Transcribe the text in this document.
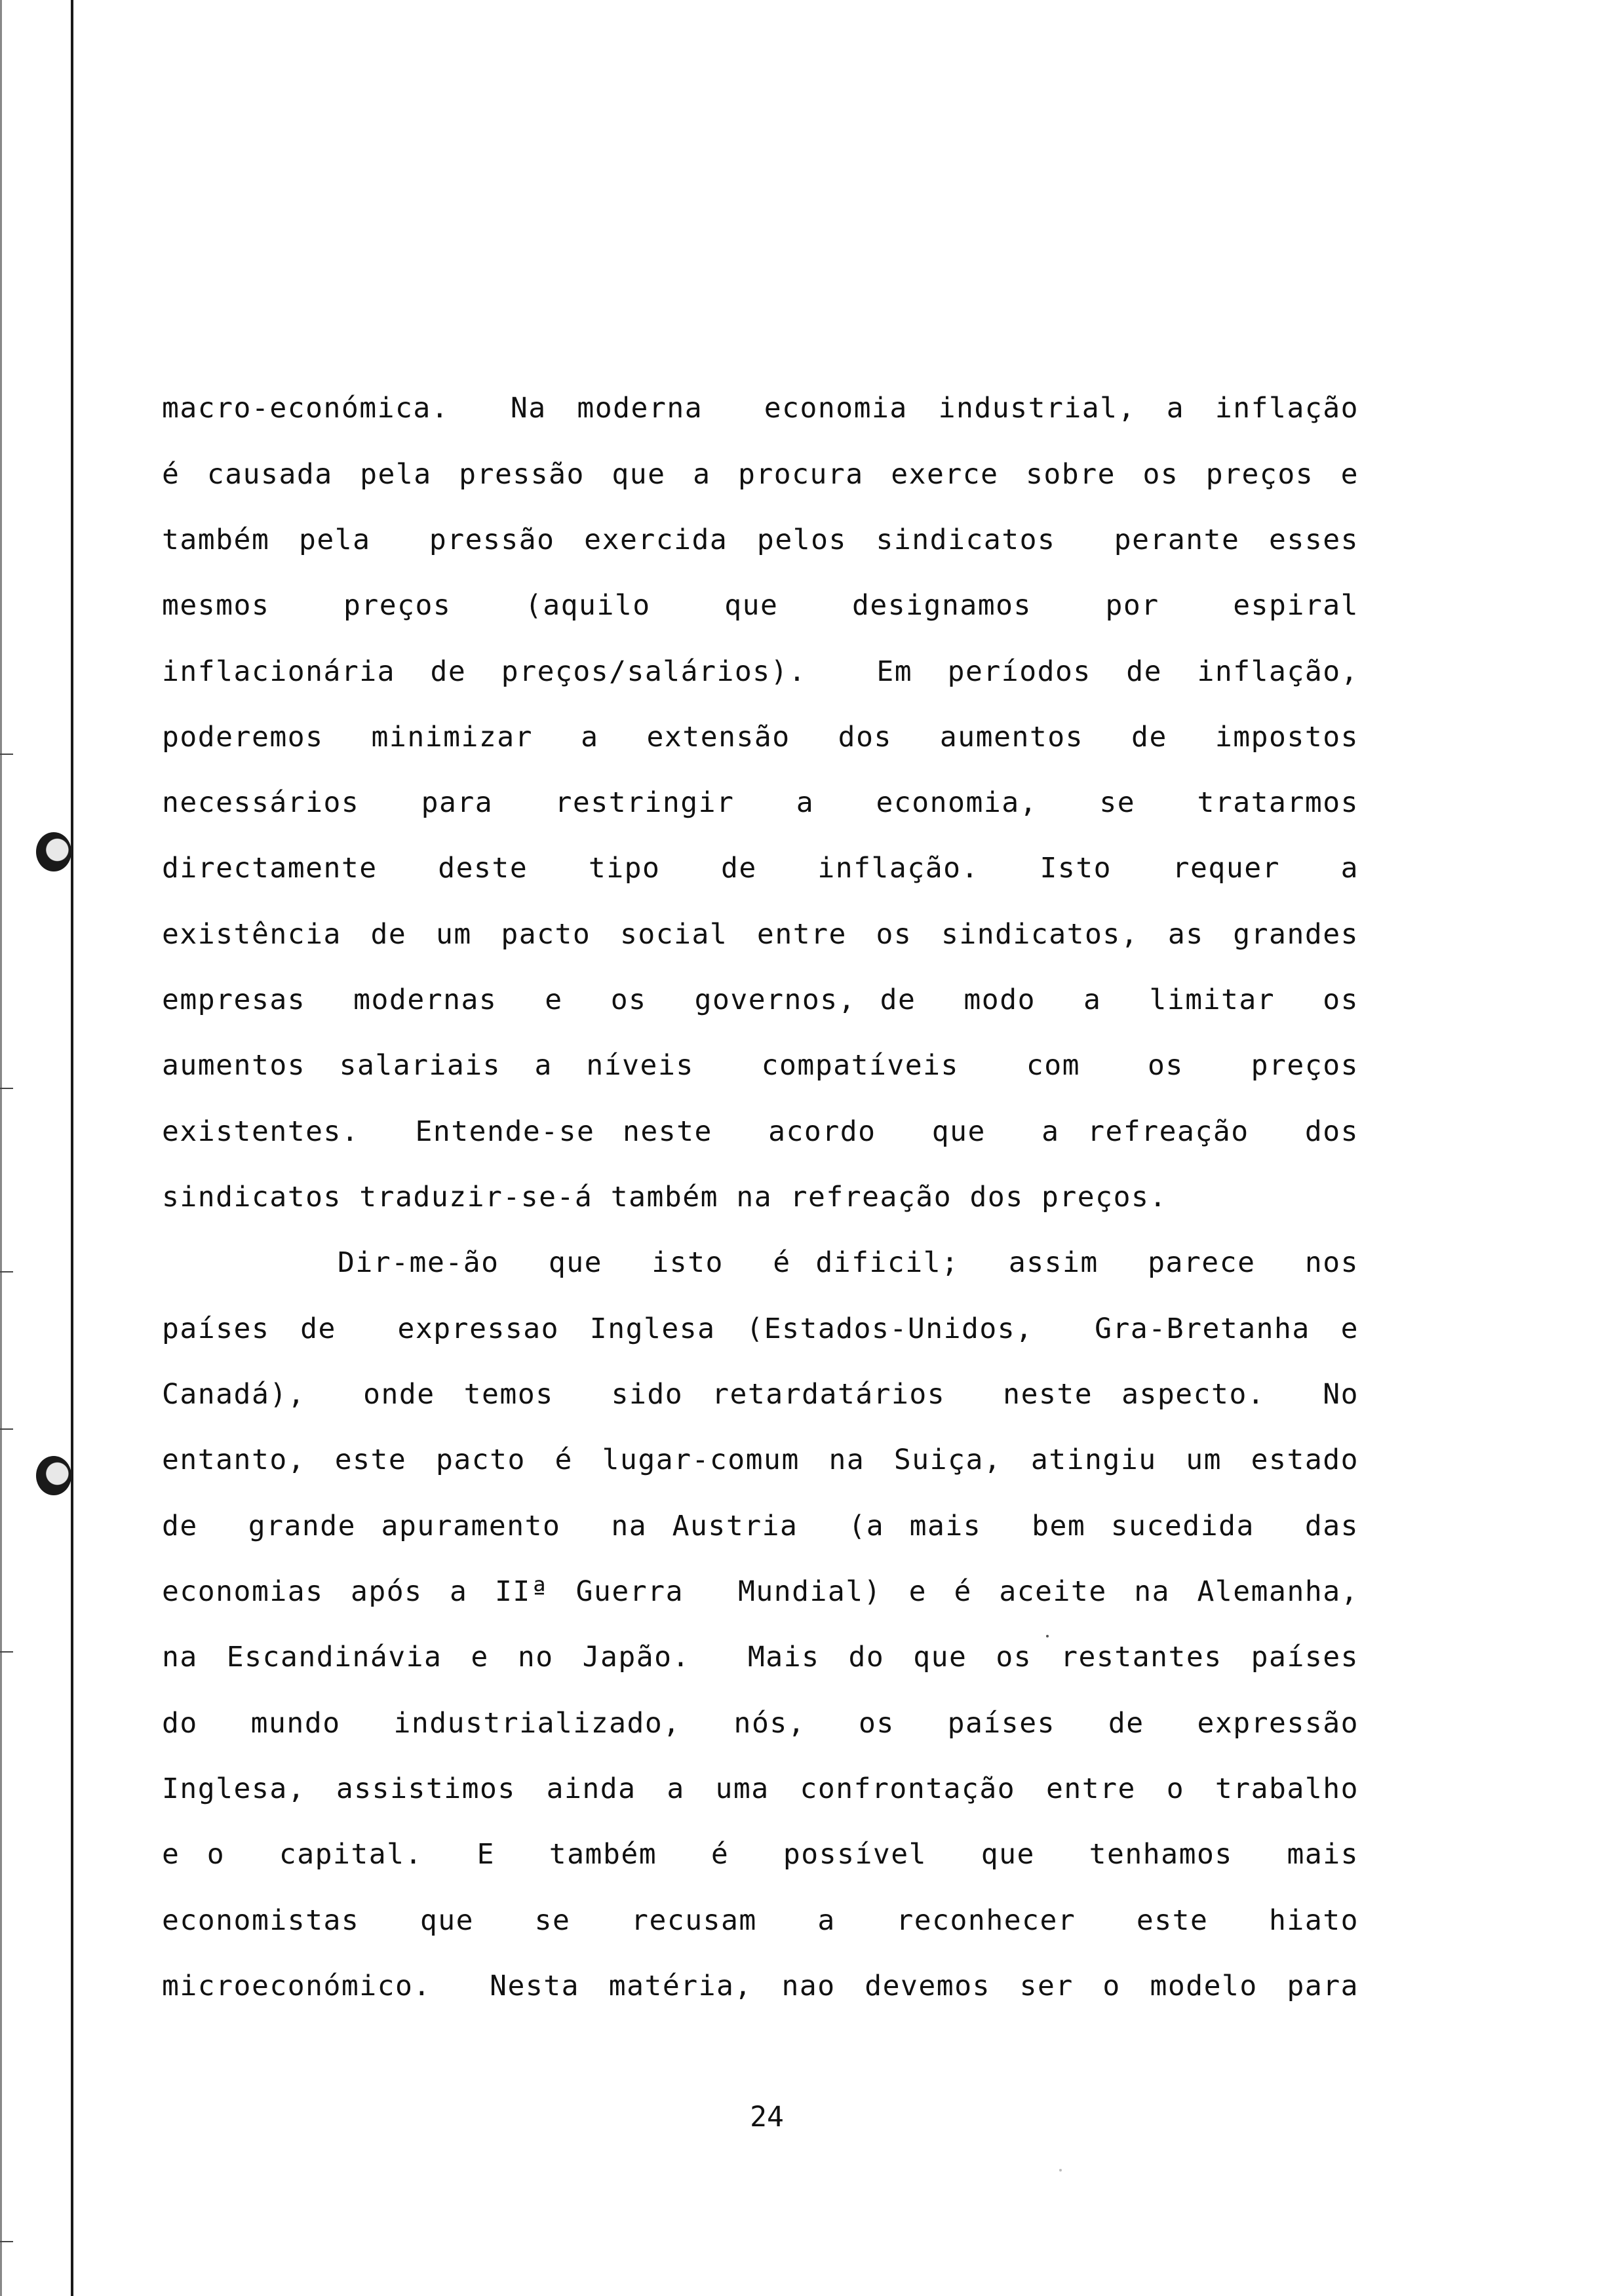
macro-económica.  Na moderna  economia industrial, a inflação
é causada pela pressão que a procura exerce sobre os preços e
também pela  pressão exercida pelos sindicatos  perante esses
mesmos  preços  (aquilo  que  designamos  por  espiral
inflacionária de preços/salários).  Em períodos de inflação,
poderemos minimizar a extensão dos aumentos de impostos
necessários  para  restringir  a  economia,  se  tratarmos
directamente  deste  tipo  de  inflação.  Isto  requer  a
existência de um pacto social entre os sindicatos, as grandes
empresas  modernas  e  os  governos, de  modo  a  limitar  os
aumentos salariais a níveis  compatíveis  com  os  preços
existentes.  Entende-se neste  acordo  que  a refreação  dos
sindicatos traduzir-se-á também na refreação dos preços.
Dir-me-ão  que  isto  é dificil;  assim  parece  nos
países de  expressao Inglesa (Estados-Unidos,  Gra-Bretanha e
Canadá),  onde temos  sido retardatários  neste aspecto.  No
entanto, este pacto é lugar-comum na Suiça, atingiu um estado
de  grande apuramento  na Austria  (a mais  bem sucedida  das
economias após a IIª Guerra  Mundial) e é aceite na Alemanha,
na Escandinávia e no Japão.  Mais do que os restantes países
do  mundo  industrializado,  nós,  os  países  de  expressão
Inglesa, assistimos ainda a uma confrontação entre o trabalho
e o  capital.  E  também  é  possível  que  tenhamos  mais
economistas  que  se  recusam  a  reconhecer  este  hiato
microeconómico.  Nesta matéria, nao devemos ser o modelo para
24
